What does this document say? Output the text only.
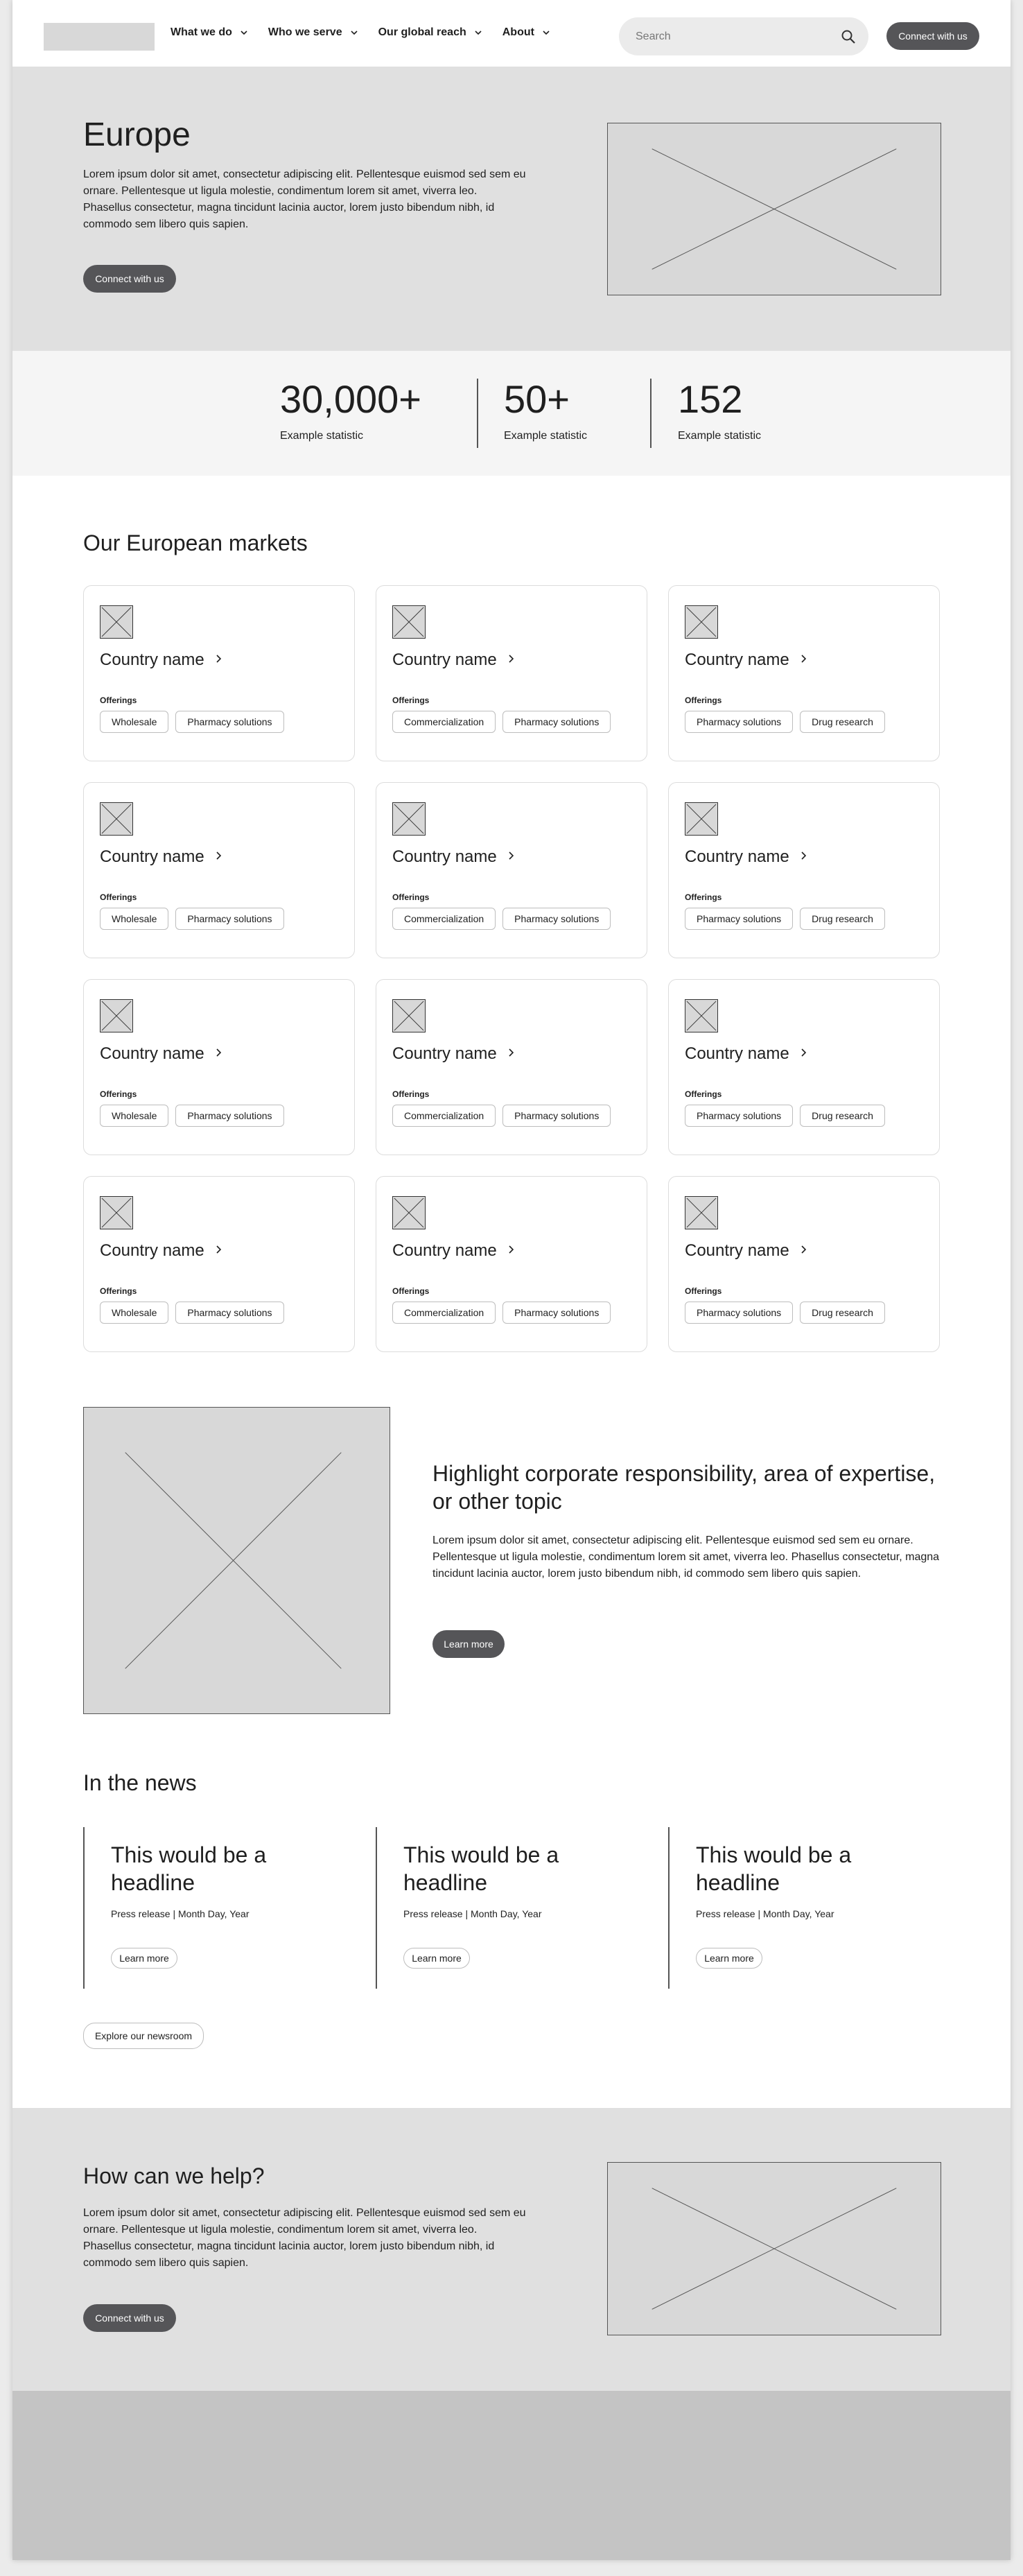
What we do	Who we serve	Our global reach	About
Search	Connect with us
Europe

Lorem ipsum dolor sit amet, consectetur adipiscing elit. Pellentesque euismod sed sem eu ornare. Pellentesque ut ligula molestie, condimentum lorem sit amet, viverra leo. Phasellus consectetur, magna tincidunt lacinia auctor, lorem justo bibendum nibh, id commodo sem libero quis sapien.

Connect with us
30,000+
Example statistic
50+
Example statistic
152
Example statistic
Our European markets
Country name
Offerings
Wholesale	Pharmacy solutions
Country name
Offerings
Commercialization	Pharmacy solutions
Country name
Offerings
Pharmacy solutions	Drug research
Country name
Offerings
Wholesale	Pharmacy solutions
Country name
Offerings
Commercialization	Pharmacy solutions
Country name
Offerings
Pharmacy solutions	Drug research
Country name
Offerings
Wholesale	Pharmacy solutions
Country name
Offerings
Commercialization	Pharmacy solutions
Country name
Offerings
Pharmacy solutions	Drug research
Country name
Offerings
Wholesale	Pharmacy solutions
Country name
Offerings
Commercialization	Pharmacy solutions
Country name
Offerings
Pharmacy solutions	Drug research
Highlight corporate responsibility, area of expertise, or other topic

Lorem ipsum dolor sit amet, consectetur adipiscing elit. Pellentesque euismod sed sem eu ornare. Pellentesque ut ligula molestie, condimentum lorem sit amet, viverra leo. Phasellus consectetur, magna tincidunt lacinia auctor, lorem justo bibendum nibh, id commodo sem libero quis sapien.

Learn more
In the news
This would be a headline
Press release | Month Day, Year
Learn more
This would be a headline
Press release | Month Day, Year
Learn more
This would be a headline
Press release | Month Day, Year
Learn more
Explore our newsroom
How can we help?

Lorem ipsum dolor sit amet, consectetur adipiscing elit. Pellentesque euismod sed sem eu ornare. Pellentesque ut ligula molestie, condimentum lorem sit amet, viverra leo. Phasellus consectetur, magna tincidunt lacinia auctor, lorem justo bibendum nibh, id commodo sem libero quis sapien.

Connect with us
